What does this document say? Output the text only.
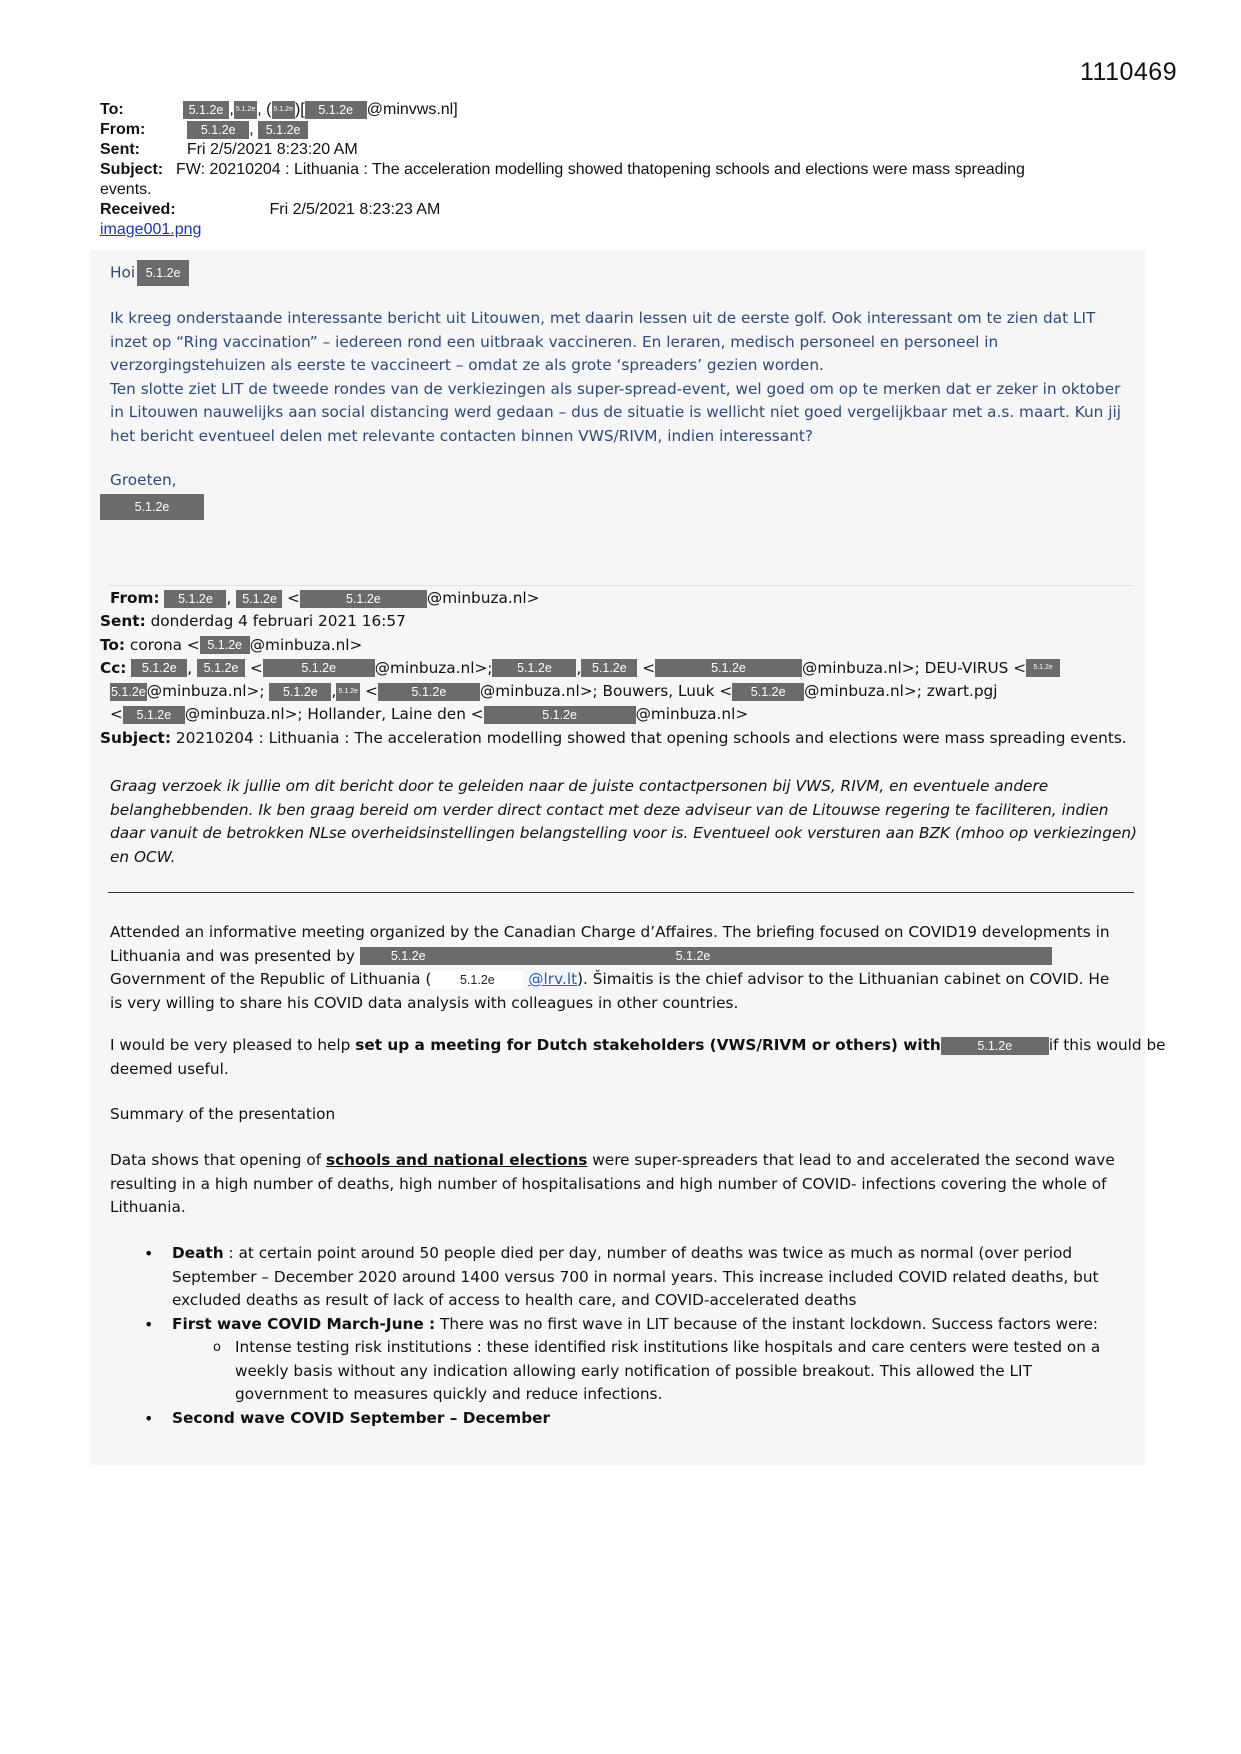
1110469
To:	5.1.2e , 5.1.2e , ( 5.1.2e )[ 5.1.2e @minvws.nl]
From:	5.1.2e , 5.1.2e
Sent:	Fri 2/5/2021 8:23:20 AM
Subject: FW: 20210204 : Lithuania : The acceleration modelling showed thatopening schools and elections were mass spreading
events.
Received:	Fri 2/5/2021 8:23:23 AM
image001.png
Hoi 5.1.2e
Ik kreeg onderstaande interessante bericht uit Litouwen, met daarin lessen uit de eerste golf. Ook interessant om te zien dat LIT
inzet op “Ring vaccination” – iedereen rond een uitbraak vaccineren. En leraren, medisch personeel en personeel in
verzorgingstehuizen als eerste te vaccineert – omdat ze als grote ‘spreaders’ gezien worden.
Ten slotte ziet LIT de tweede rondes van de verkiezingen als super-spread-event, wel goed om op te merken dat er zeker in oktober
in Litouwen nauwelijks aan social distancing werd gedaan – dus de situatie is wellicht niet goed vergelijkbaar met a.s. maart. Kun jij
het bericht eventueel delen met relevante contacten binnen VWS/RIVM, indien interessant?
Groeten,
5.1.2e
From: 5.1.2e , 5.1.2e <	5.1.2e	@minbuza.nl>
Sent: donderdag 4 februari 2021 16:57
To: corona < 5.1.2e @minbuza.nl>
Cc: 5.1.2e , 5.1.2e <	5.1.2e	@minbuza.nl>; 5.1.2e , 5.1.2e <	5.1.2e	@minbuza.nl>; DEU-VIRUS < 5.1.2e
5.1.2e@minbuza.nl>; 5.1.2e , 5.1.2e <	5.1.2e @minbuza.nl>; Bouwers, Luuk < 5.1.2e @minbuza.nl>; zwart.pgj
< 5.1.2e @minbuza.nl>; Hollander, Laine den <	5.1.2e	@minbuza.nl>
Subject: 20210204 : Lithuania : The acceleration modelling showed that opening schools and elections were mass spreading events.
Graag verzoek ik jullie om dit bericht door te geleiden naar de juiste contactpersonen bij VWS, RIVM, en eventuele andere
belanghebbenden. Ik ben graag bereid om verder direct contact met deze adviseur van de Litouwse regering te faciliteren, indien
daar vanuit de betrokken NLse overheidsinstellingen belangstelling voor is. Eventueel ook versturen aan BZK (mhoo op verkiezingen)
en OCW.
Attended an informative meeting organized by the Canadian Charge d’Affaires. The briefing focused on COVID19 developments in
Lithuania and was presented by	5.1.2e	5.1.2e
Government of the Republic of Lithuania ( 5.1.2e @lrv.lt). Šimaitis is the chief advisor to the Lithuanian cabinet on COVID. He
is very willing to share his COVID data analysis with colleagues in other countries.
I would be very pleased to help set up a meeting for Dutch stakeholders (VWS/RIVM or others) with	5.1.2e if this would be
deemed useful.
Summary of the presentation
Data shows that opening of schools and national elections were super-spreaders that lead to and accelerated the second wave
resulting in a high number of deaths, high number of hospitalisations and high number of COVID- infections covering the whole of
Lithuania.
• Death : at certain point around 50 people died per day, number of deaths was twice as much as normal (over period
September – December 2020 around 1400 versus 700 in normal years. This increase included COVID related deaths, but
excluded deaths as result of lack of access to health care, and COVID-accelerated deaths
• First wave COVID March-June : There was no first wave in LIT because of the instant lockdown. Success factors were:
o Intense testing risk institutions : these identified risk institutions like hospitals and care centers were tested on a
weekly basis without any indication allowing early notification of possible breakout. This allowed the LIT
government to measures quickly and reduce infections.
• Second wave COVID September – December
